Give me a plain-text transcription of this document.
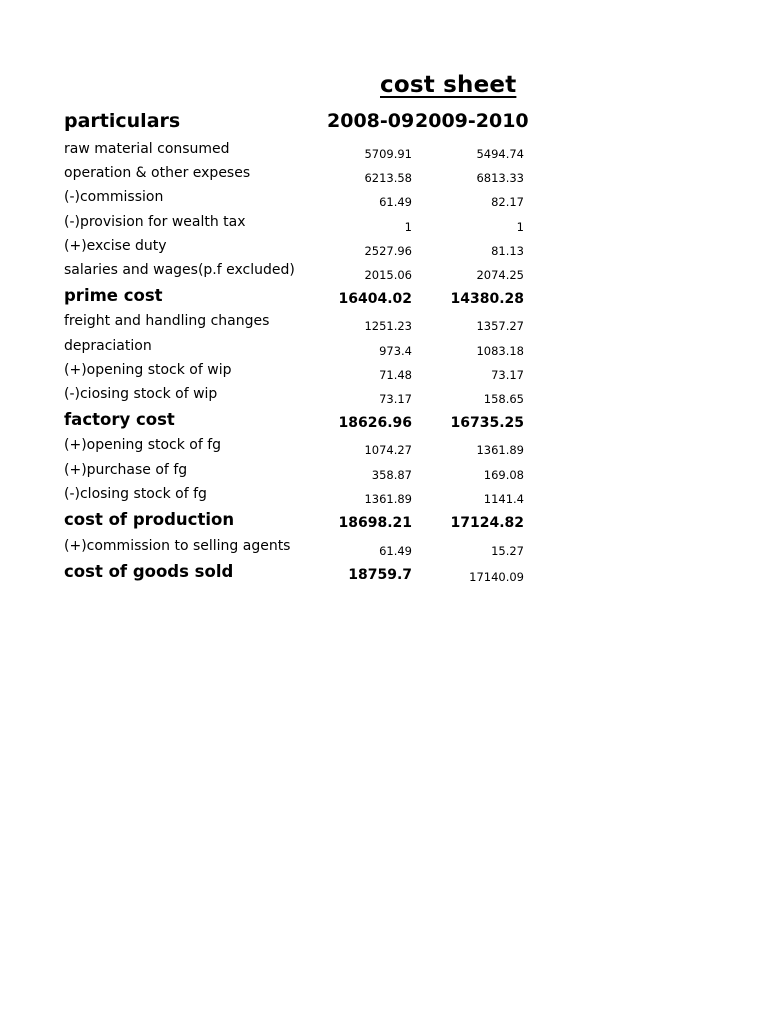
cost sheet
particulars	2008-09 2009-2010
raw material consumed	5709.91	5494.74
operation & other expeses	6213.58	6813.33
(-)commission	61.49	82.17
(-)provision for wealth tax	1	1
(+)excise duty	2527.96	81.13
salaries and wages(p.f excluded)	2015.06	2074.25
prime cost	16404.02	14380.28
freight and handling changes	1251.23	1357.27
depraciation	973.4	1083.18
(+)opening stock of wip	71.48	73.17
(-)ciosing stock of wip	73.17	158.65
factory cost	18626.96	16735.25
(+)opening stock of fg	1074.27	1361.89
(+)purchase of fg	358.87	169.08
(-)closing stock of fg	1361.89	1141.4
cost of production	18698.21	17124.82
(+)commission to selling agents	61.49	15.27
cost of goods sold	18759.7	17140.09
